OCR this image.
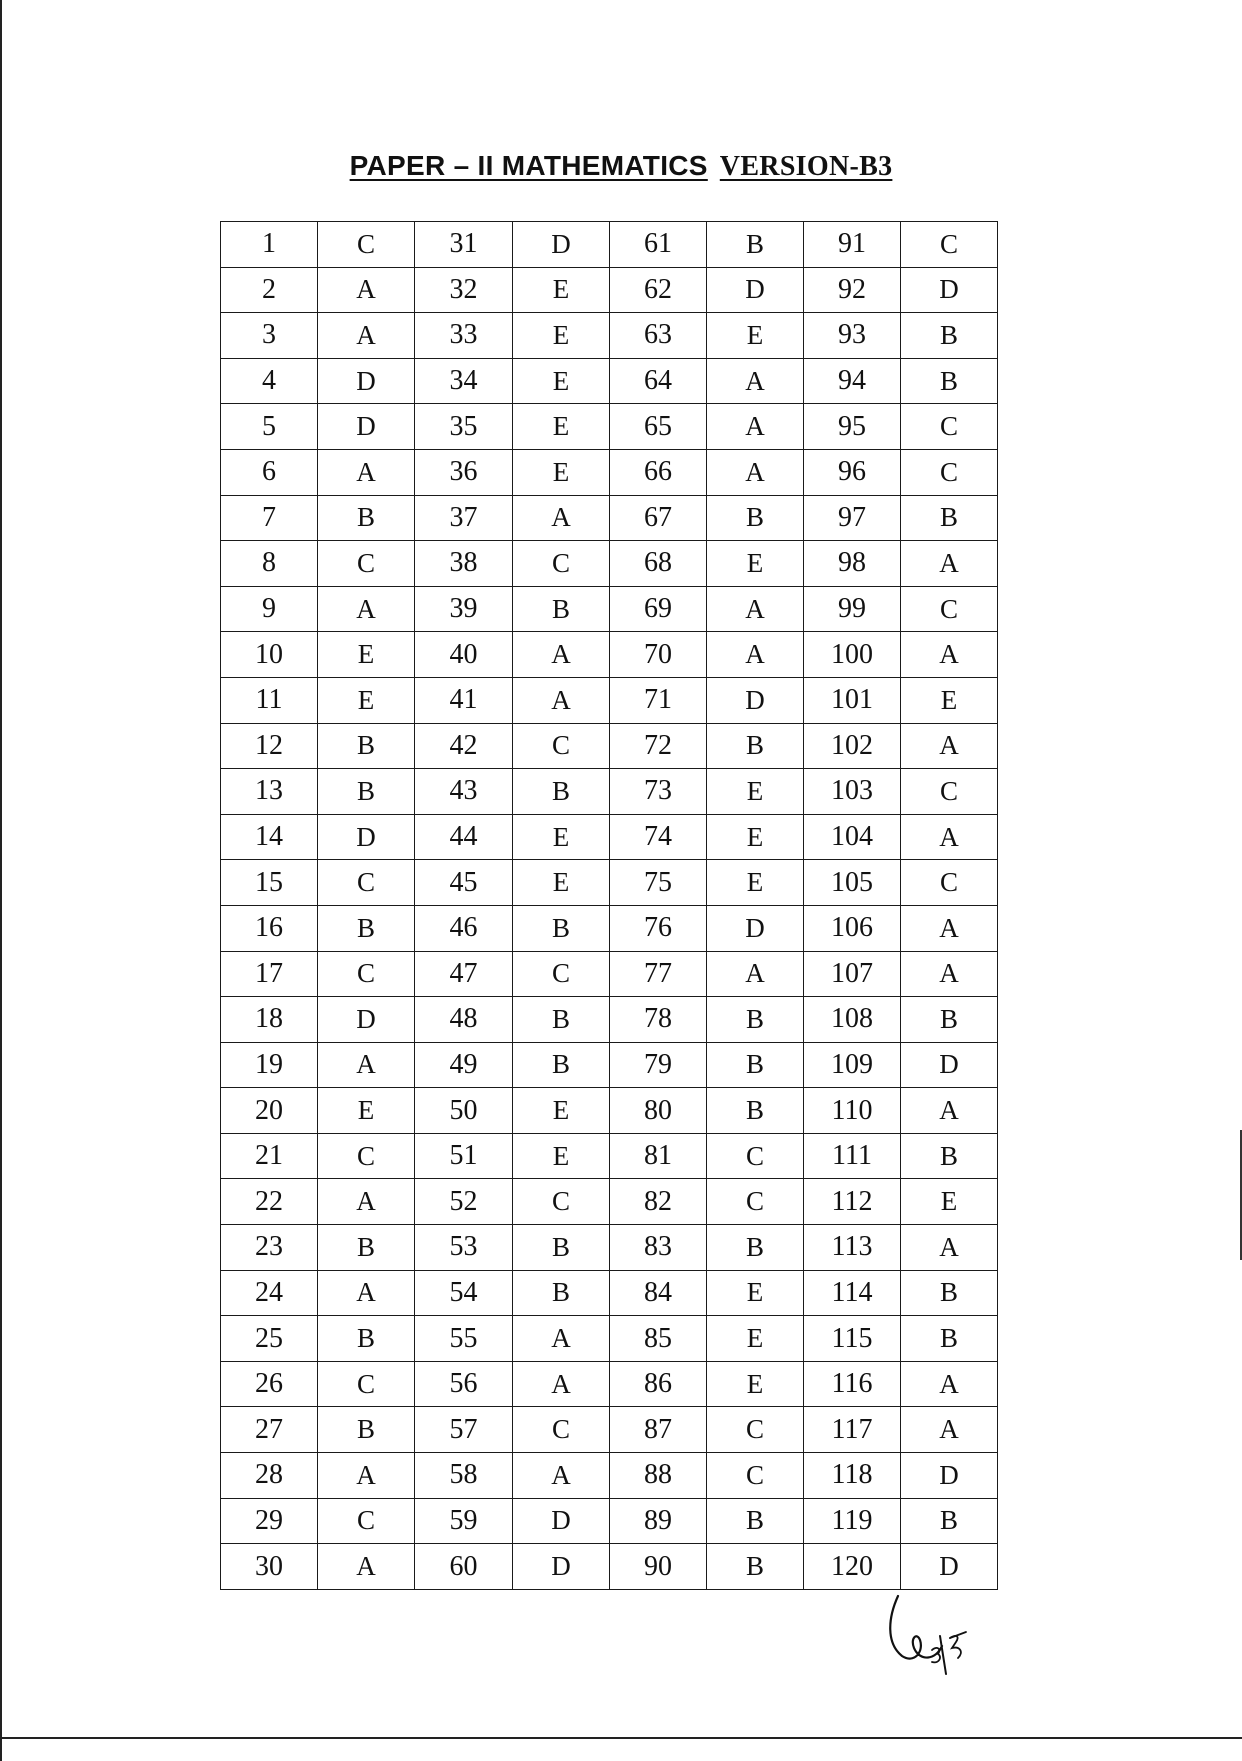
PAPER – II MATHEMATICS VERSION-B3
1	C	31	D	61	B	91	C
2	A	32	E	62	D	92	D
3	A	33	E	63	E	93	B
4	D	34	E	64	A	94	B
5	D	35	E	65	A	95	C
6	A	36	E	66	A	96	C
7	B	37	A	67	B	97	B
8	C	38	C	68	E	98	A
9	A	39	B	69	A	99	C
10	E	40	A	70	A	100	A
11	E	41	A	71	D	101	E
12	B	42	C	72	B	102	A
13	B	43	B	73	E	103	C
14	D	44	E	74	E	104	A
15	C	45	E	75	E	105	C
16	B	46	B	76	D	106	A
17	C	47	C	77	A	107	A
18	D	48	B	78	B	108	B
19	A	49	B	79	B	109	D
20	E	50	E	80	B	110	A
21	C	51	E	81	C	111	B
22	A	52	C	82	C	112	E
23	B	53	B	83	B	113	A
24	A	54	B	84	E	114	B
25	B	55	A	85	E	115	B
26	C	56	A	86	E	116	A
27	B	57	C	87	C	117	A
28	A	58	A	88	C	118	D
29	C	59	D	89	B	119	B
30	A	60	D	90	B	120	D
